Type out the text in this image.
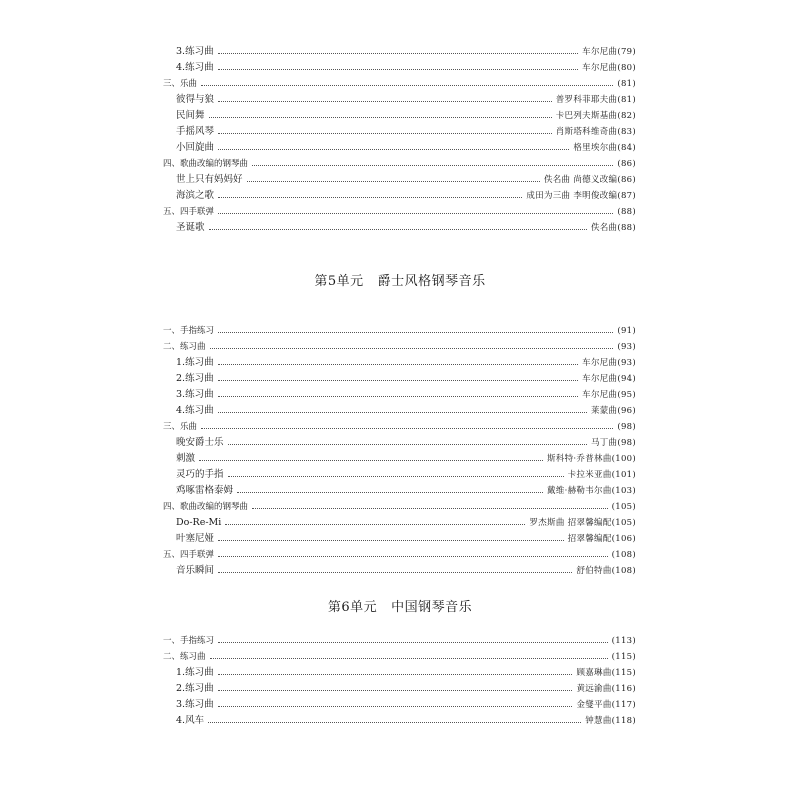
3.练习曲	车尔尼曲(79)
4.练习曲	车尔尼曲(80)
三、乐曲	(81)
彼得与狼	普罗科菲耶夫曲(81)
民间舞	卡巴列夫斯基曲(82)
手摇风琴	肖斯塔科维奇曲(83)
小回旋曲	格里埃尔曲(84)
四、歌曲改编的钢琴曲	(86)
世上只有妈妈好	佚名曲 尚德义改编(86)
海滨之歌	成田为三曲 李明俊改编(87)
五、四手联弹	(88)
圣诞歌	佚名曲(88)
第5单元 爵士风格钢琴音乐
一、手指练习	(91)
二、练习曲	(93)
1.练习曲	车尔尼曲(93)
2.练习曲	车尔尼曲(94)
3.练习曲	车尔尼曲(95)
4.练习曲	莱蒙曲(96)
三、乐曲	(98)
晚安爵士乐	马丁曲(98)
刺激	斯科特·乔普林曲(100)
灵巧的手指	卡拉米亚曲(101)
鸡啄雷格泰姆	戴维·赫勒韦尔曲(103)
四、歌曲改编的钢琴曲	(105)
Do-Re-Mi	罗杰斯曲 招翠馨编配(105)
叶塞尼娅	招翠馨编配(106)
五、四手联弹	(108)
音乐瞬间	舒伯特曲(108)
第6单元 中国钢琴音乐
一、手指练习	(113)
二、练习曲	(115)
1.练习曲	顾嘉琳曲(115)
2.练习曲	黄远渝曲(116)
3.练习曲	金燮平曲(117)
4.风车	钟慧曲(118)
